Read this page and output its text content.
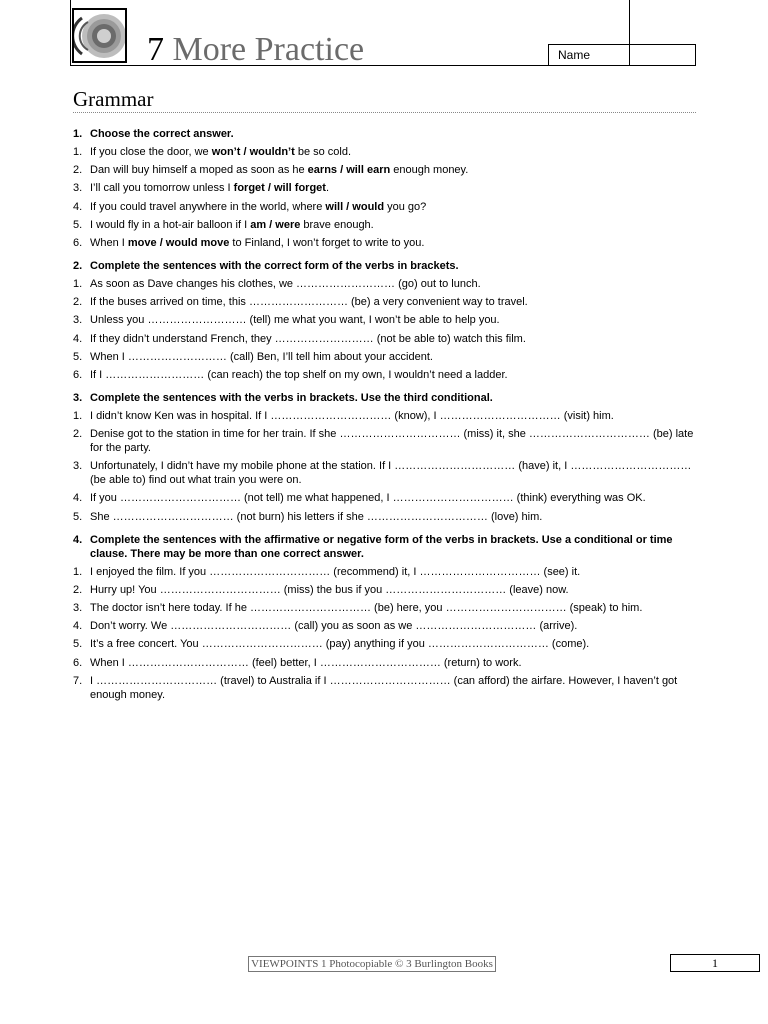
7 More Practice	Name
Grammar
1. Choose the correct answer.
1. If you close the door, we won’t / wouldn’t be so cold.
2. Dan will buy himself a moped as soon as he earns / will earn enough money.
3. I’ll call you tomorrow unless I forget / will forget.
4. If you could travel anywhere in the world, where will / would you go?
5. I would fly in a hot-air balloon if I am / were brave enough.
6. When I move / would move to Finland, I won’t forget to write to you.
2. Complete the sentences with the correct form of the verbs in brackets.
1. As soon as Dave changes his clothes, we ……………………… (go) out to lunch.
2. If the buses arrived on time, this ……………………… (be) a very convenient way to travel.
3. Unless you ……………………… (tell) me what you want, I won’t be able to help you.
4. If they didn’t understand French, they ……………………… (not be able to) watch this film.
5. When I ……………………… (call) Ben, I’ll tell him about your accident.
6. If I ……………………… (can reach) the top shelf on my own, I wouldn’t need a ladder.
3. Complete the sentences with the verbs in brackets. Use the third conditional.
1. I didn’t know Ken was in hospital. If I …………………………… (know), I …………………………… (visit) him.
2. Denise got to the station in time for her train. If she …………………………… (miss) it, she …………………………… (be) late for the party.
3. Unfortunately, I didn’t have my mobile phone at the station. If I …………………………… (have) it, I …………………………… (be able to) find out what train you were on.
4. If you …………………………… (not tell) me what happened, I …………………………… (think) everything was OK.
5. She …………………………… (not burn) his letters if she …………………………… (love) him.
4. Complete the sentences with the affirmative or negative form of the verbs in brackets. Use a conditional or time clause. There may be more than one correct answer.
1. I enjoyed the film. If you …………………………… (recommend) it, I …………………………… (see) it.
2. Hurry up! You …………………………… (miss) the bus if you …………………………… (leave) now.
3. The doctor isn’t here today. If he …………………………… (be) here, you …………………………… (speak) to him.
4. Don’t worry. We …………………………… (call) you as soon as we …………………………… (arrive).
5. It’s a free concert. You …………………………… (pay) anything if you …………………………… (come).
6. When I …………………………… (feel) better, I …………………………… (return) to work.
7. I …………………………… (travel) to Australia if I …………………………… (can afford) the airfare. However, I haven’t got enough money.
VIEWPOINTS 1 Photocopiable © 3 Burlington Books	1
